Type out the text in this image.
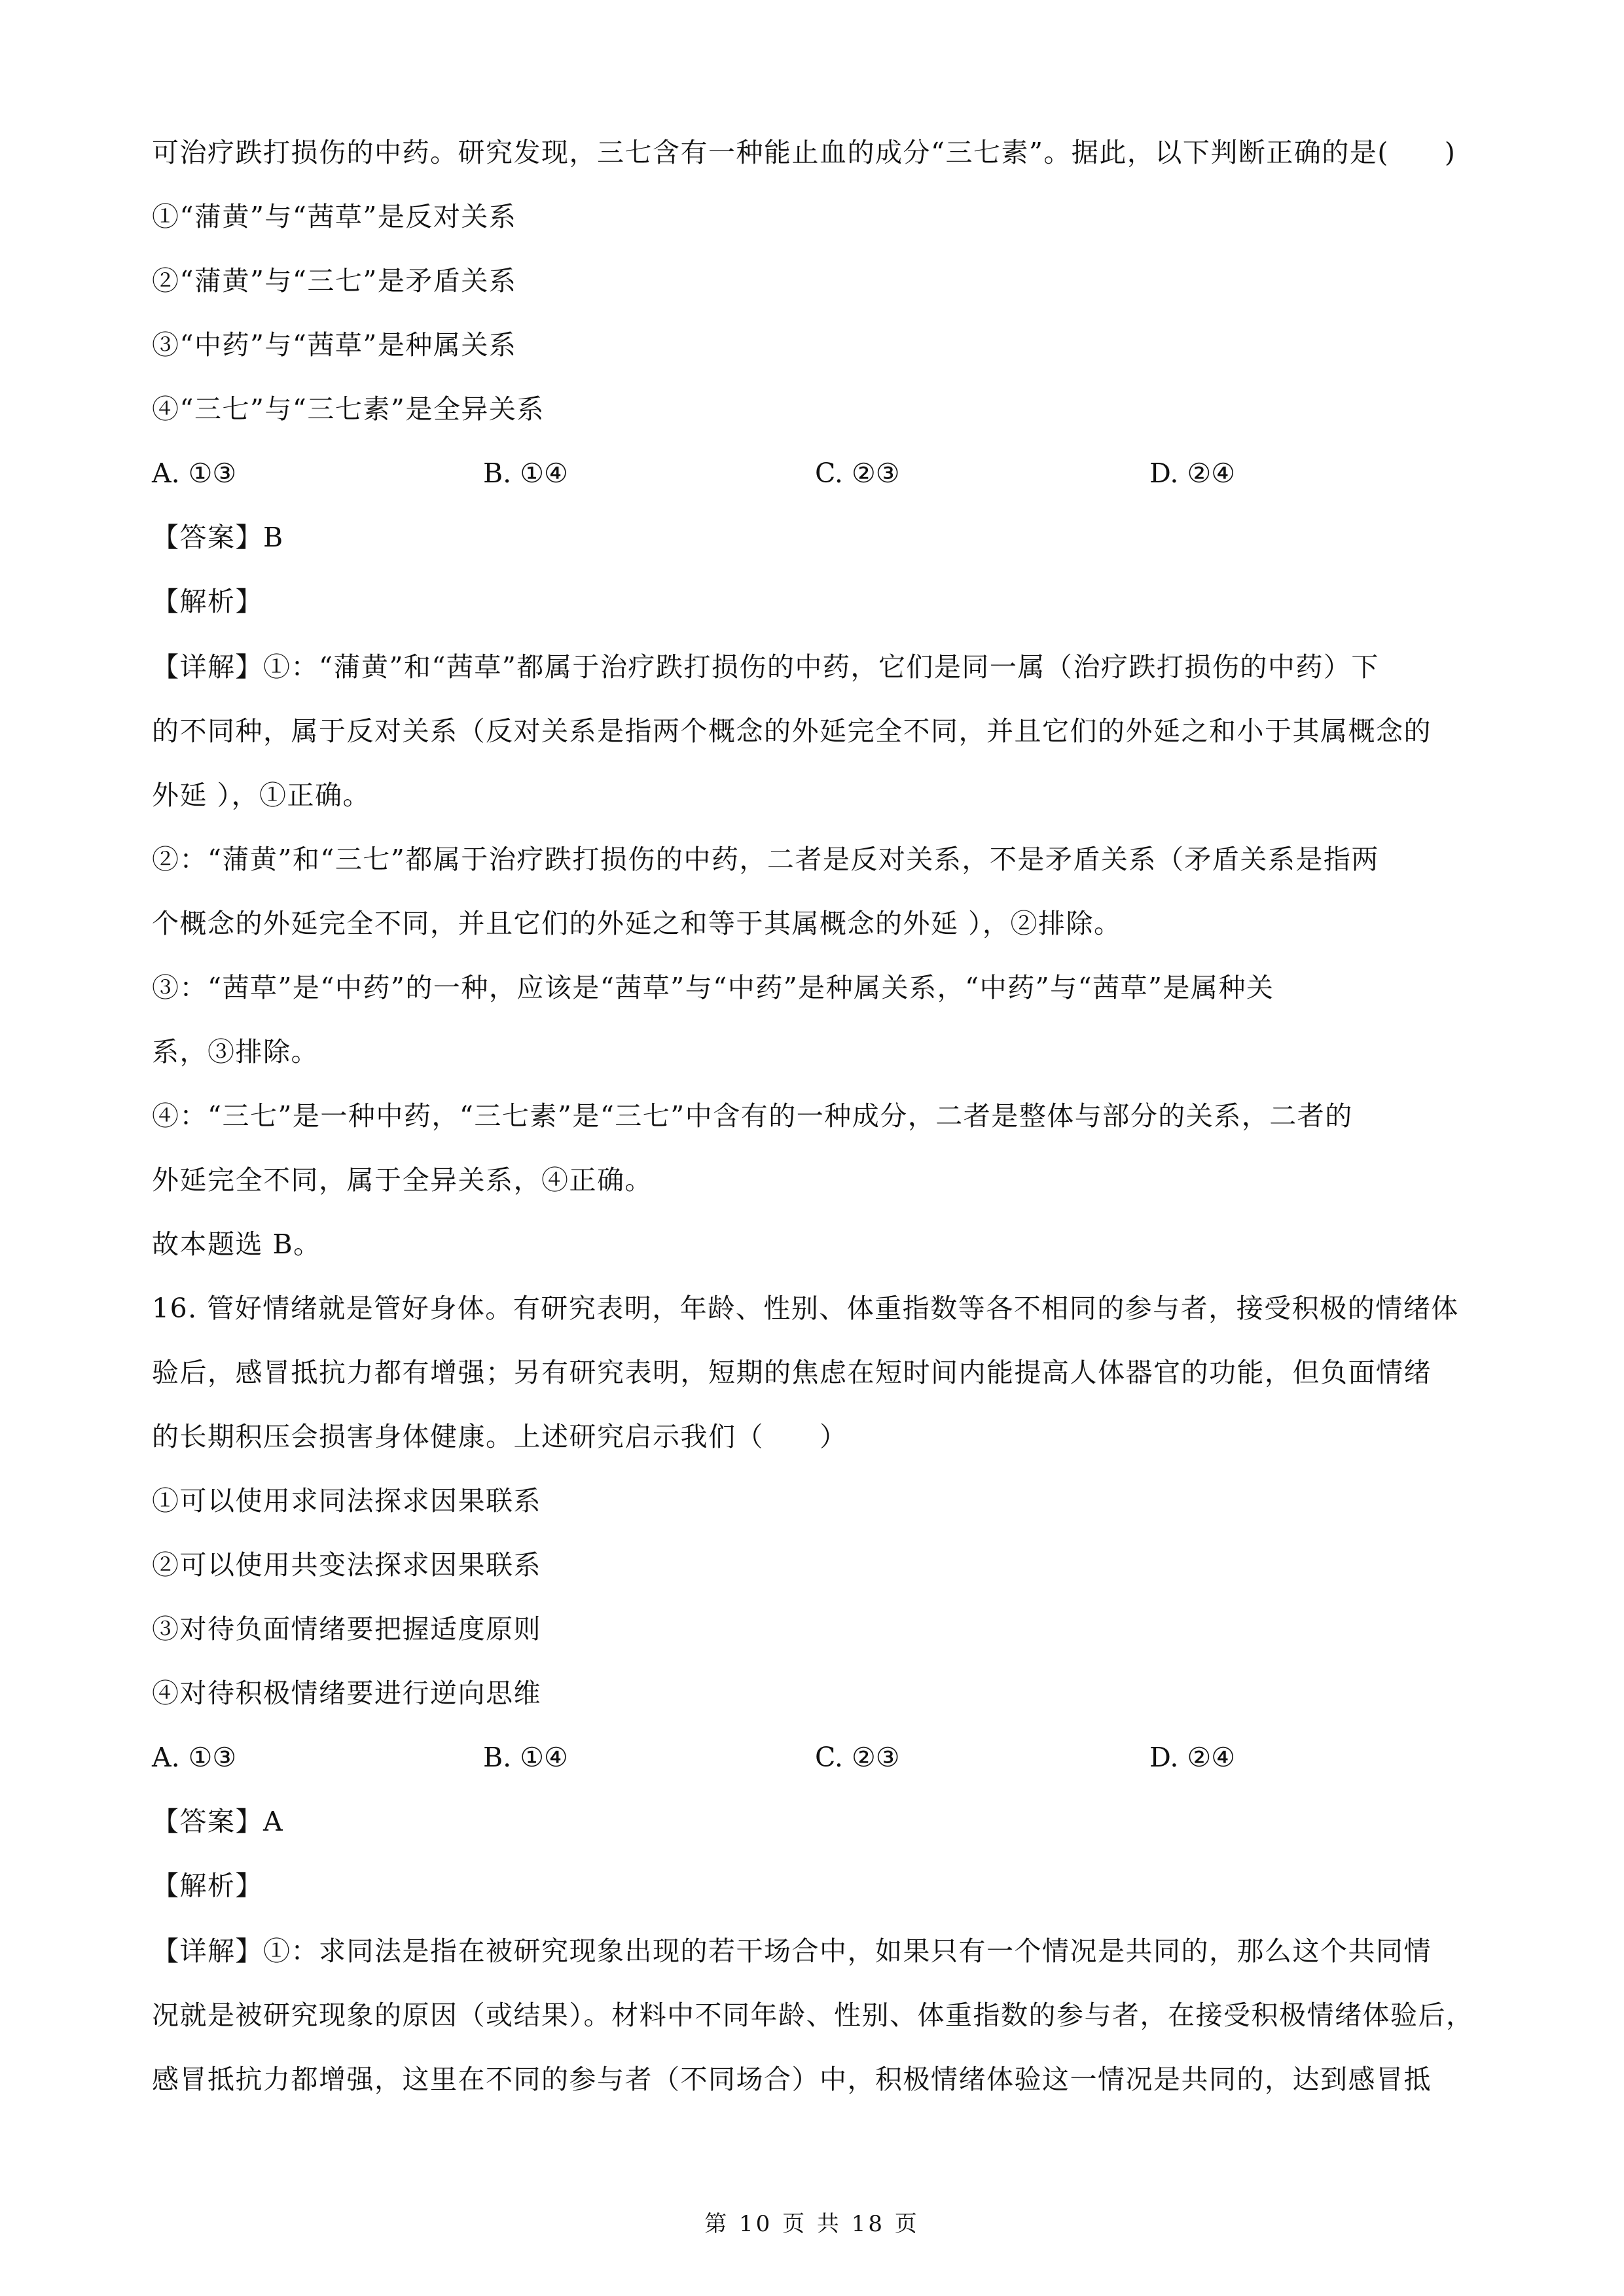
可治疗跌打损伤的中药。研究发现，三七含有一种能止血的成分“三七素”。据此，以下判断正确的是(　　)
①“蒲黄”与“茜草”是反对关系
②“蒲黄”与“三七”是矛盾关系
③“中药”与“茜草”是种属关系
④“三七”与“三七素”是全异关系
A. ①③	B. ①④	C. ②③	D. ②④
【答案】B
【解析】
【详解】①：“蒲黄”和“茜草”都属于治疗跌打损伤的中药，它们是同一属（治疗跌打损伤的中药）下
的不同种，属于反对关系（反对关系是指两个概念的外延完全不同，并且它们的外延之和小于其属概念的
外延 ），①正确。
②：“蒲黄”和“三七”都属于治疗跌打损伤的中药，二者是反对关系，不是矛盾关系（矛盾关系是指两
个概念的外延完全不同，并且它们的外延之和等于其属概念的外延 ），②排除。
③：“茜草”是“中药”的一种，应该是“茜草”与“中药”是种属关系，“中药”与“茜草”是属种关
系，③排除。
④：“三七”是一种中药，“三七素”是“三七”中含有的一种成分，二者是整体与部分的关系，二者的
外延完全不同，属于全异关系，④正确。
故本题选 B。
16. 管好情绪就是管好身体。有研究表明，年龄、性别、体重指数等各不相同的参与者，接受积极的情绪体
验后，感冒抵抗力都有增强；另有研究表明，短期的焦虑在短时间内能提高人体器官的功能，但负面情绪
的长期积压会损害身体健康。上述研究启示我们（　　）
①可以使用求同法探求因果联系
②可以使用共变法探求因果联系
③对待负面情绪要把握适度原则
④对待积极情绪要进行逆向思维
A. ①③	B. ①④	C. ②③	D. ②④
【答案】A
【解析】
【详解】①：求同法是指在被研究现象出现的若干场合中，如果只有一个情况是共同的，那么这个共同情
况就是被研究现象的原因（或结果）。材料中不同年龄、性别、体重指数的参与者，在接受积极情绪体验后，
感冒抵抗力都增强，这里在不同的参与者（不同场合）中，积极情绪体验这一情况是共同的，达到感冒抵
第 10 页 共 18 页
